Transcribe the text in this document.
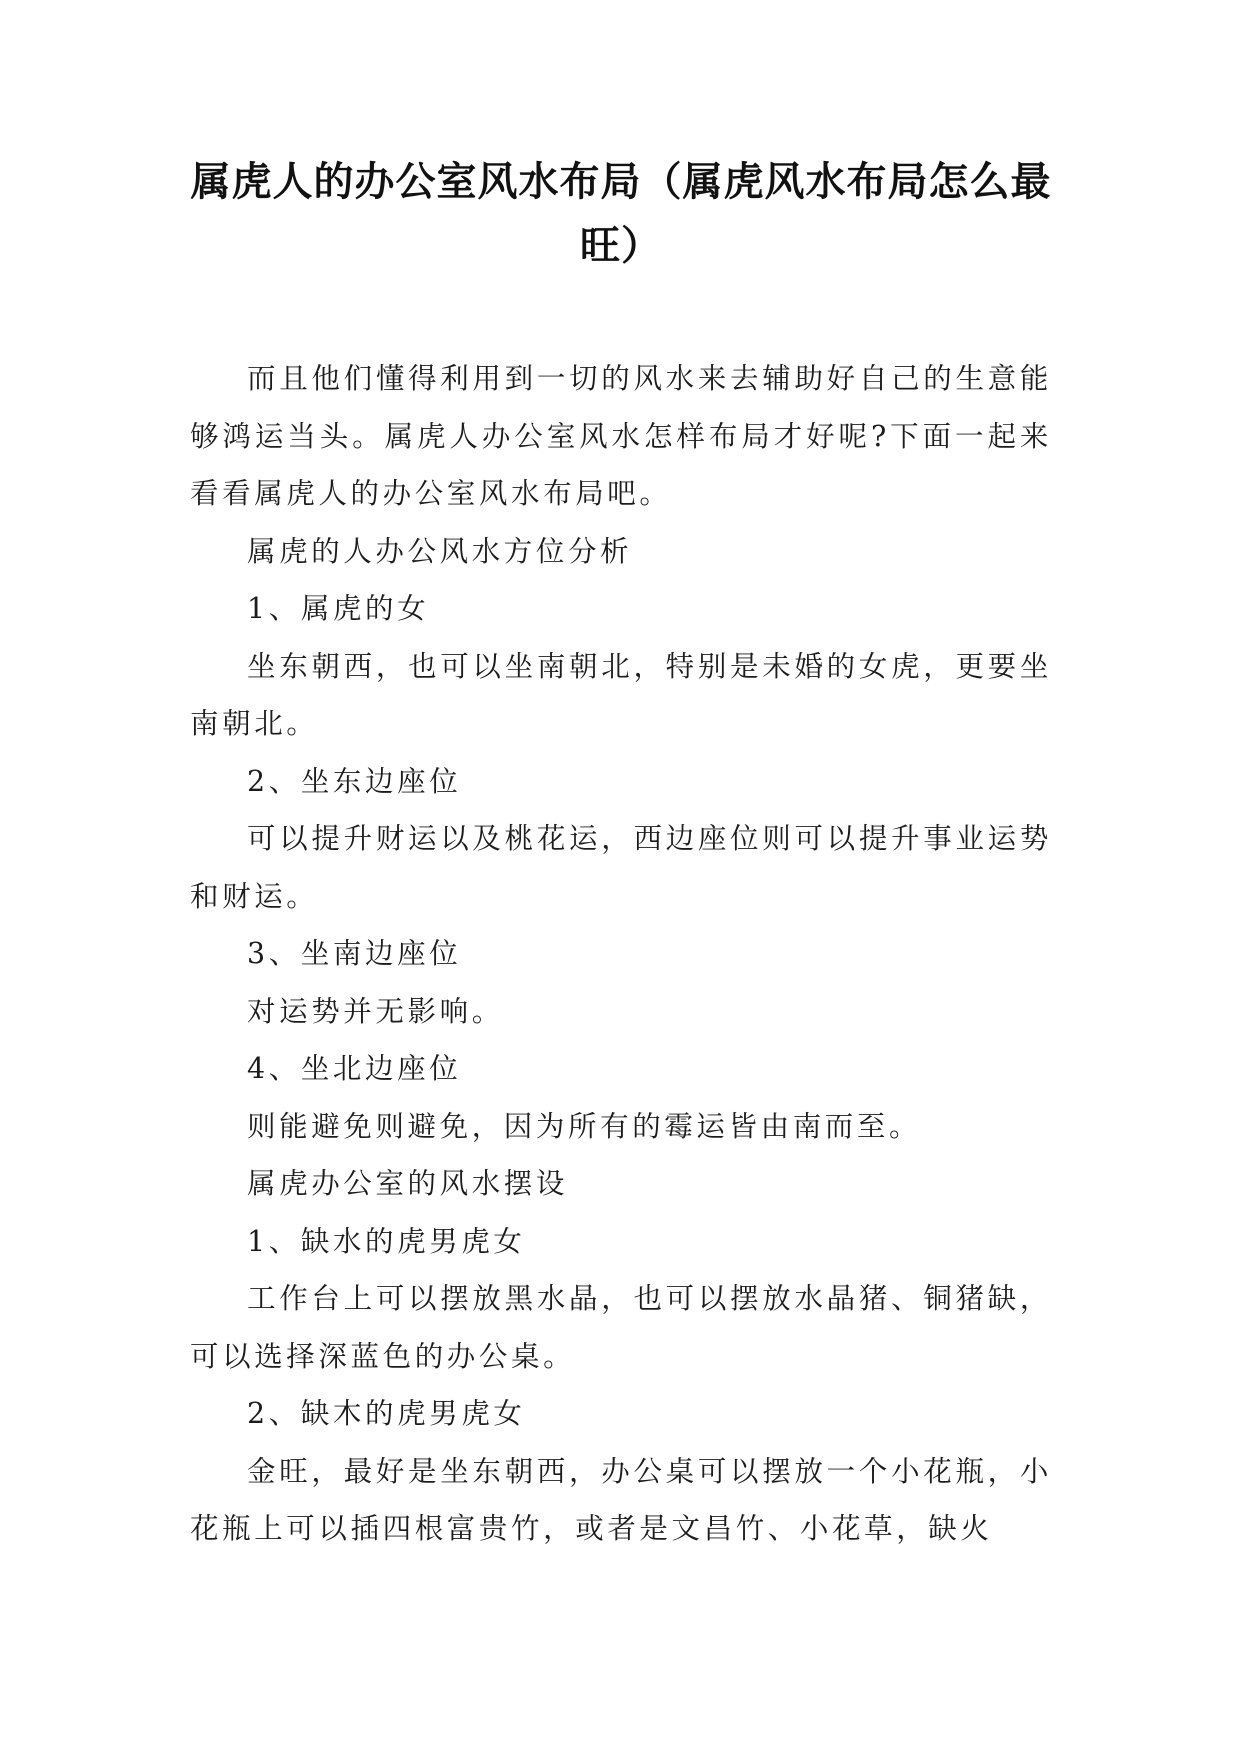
属虎人的办公室风水布局（属虎风水布局怎么最旺）

而且他们懂得利用到一切的风水来去辅助好自己的生意能够鸿运当头。属虎人办公室风水怎样布局才好呢?下面一起来看看属虎人的办公室风水布局吧。

属虎的人办公风水方位分析

1、属虎的女

坐东朝西，也可以坐南朝北，特别是未婚的女虎，更要坐南朝北。

2、坐东边座位

可以提升财运以及桃花运，西边座位则可以提升事业运势和财运。

3、坐南边座位

对运势并无影响。

4、坐北边座位

则能避免则避免，因为所有的霉运皆由南而至。

属虎办公室的风水摆设

1、缺水的虎男虎女

工作台上可以摆放黑水晶，也可以摆放水晶猪、铜猪缺，可以选择深蓝色的办公桌。

2、缺木的虎男虎女

金旺，最好是坐东朝西，办公桌可以摆放一个小花瓶，小花瓶上可以插四根富贵竹，或者是文昌竹、小花草，缺火
